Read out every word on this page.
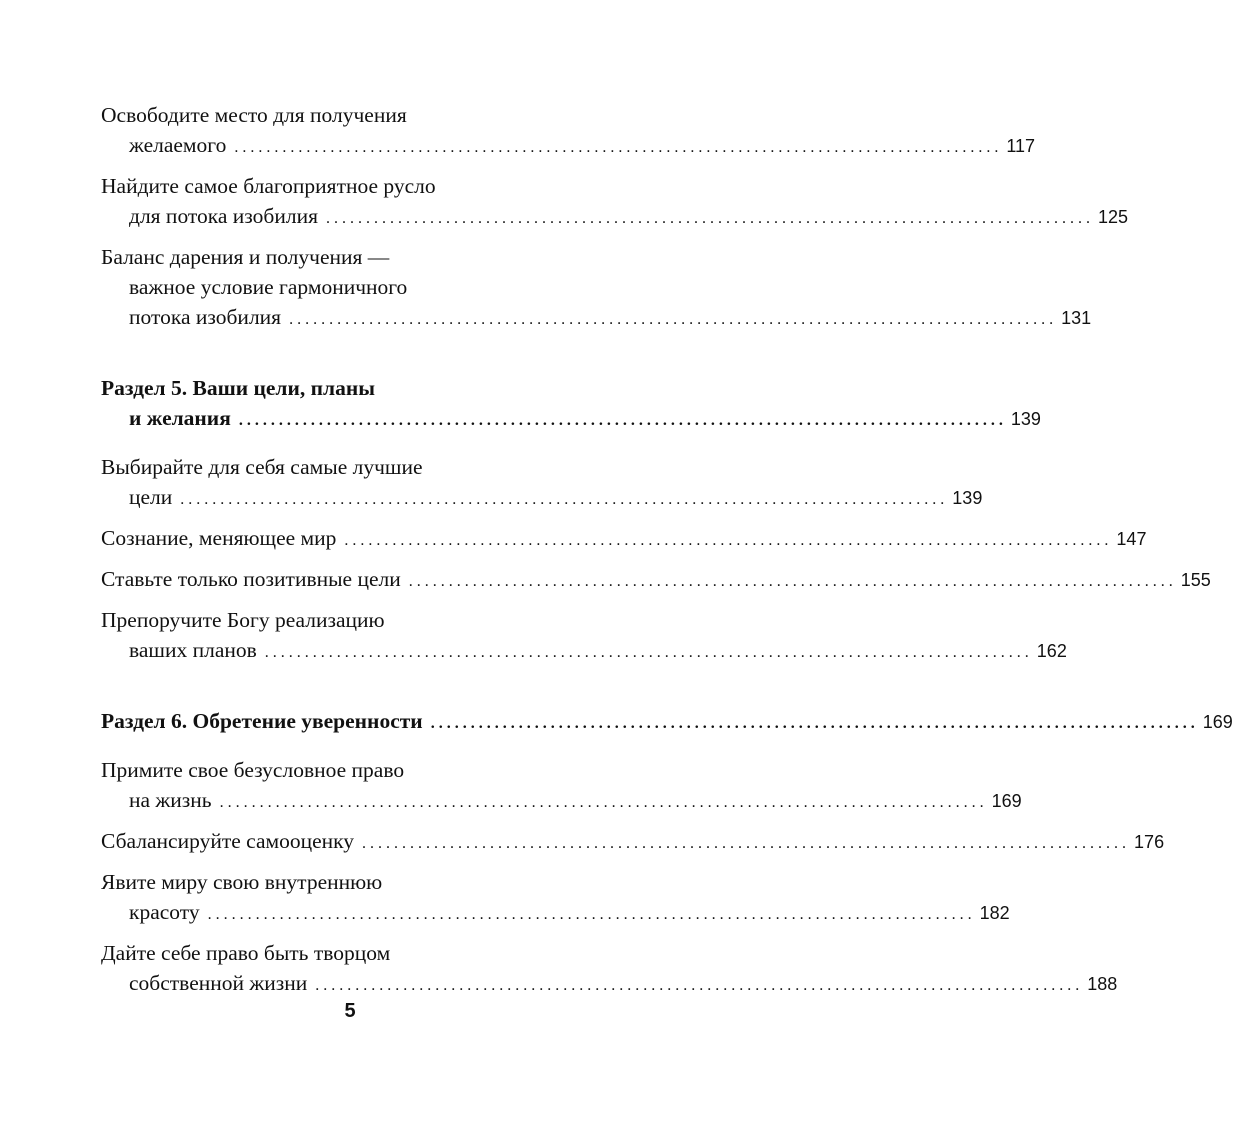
Освободите место для получения
желаемого ................................................................................................ 117
Найдите самое благоприятное русло
для потока изобилия ................................................................................................ 125
Баланс дарения и получения —
важное условие гармоничного
потока изобилия ................................................................................................ 131
Раздел 5. Ваши цели, планы
и желания ................................................................................................ 139
Выбирайте для себя самые лучшие
цели ................................................................................................ 139
Сознание, меняющее мир ................................................................................................ 147
Ставьте только позитивные цели ................................................................................................ 155
Препоручите Богу реализацию
ваших планов ................................................................................................ 162
Раздел 6. Обретение уверенности ................................................................................................ 169
Примите свое безусловное право
на жизнь ................................................................................................ 169
Сбалансируйте самооценку ................................................................................................ 176
Явите миру свою внутреннюю
красоту ................................................................................................ 182
Дайте себе право быть творцом
собственной жизни ................................................................................................ 188
5
